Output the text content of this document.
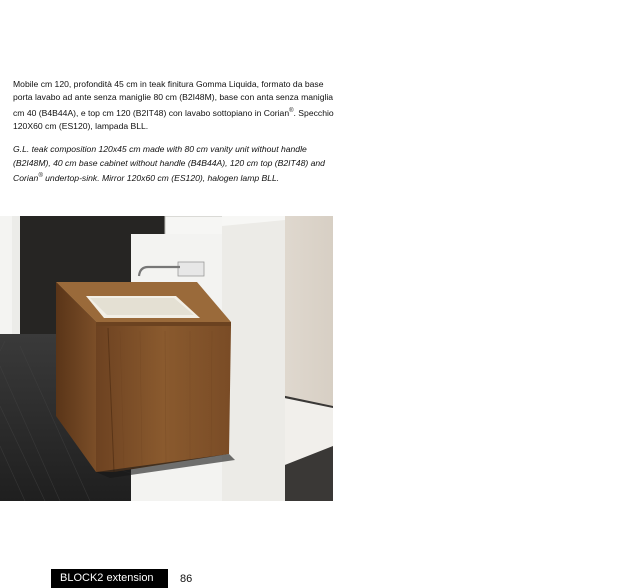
Mobile cm 120, profondità 45 cm in teak finitura Gomma Liquida, formato da base porta lavabo ad ante senza maniglie 80 cm (B2I48M), base con anta senza maniglia cm 40 (B4B44A), e top cm 120 (B2IT48) con lavabo sottopiano in Corian®. Specchio 120X60 cm (ES120), lampada BLL.

G.L. teak composition 120x45 cm made with 80 cm vanity unit without handle (B2I48M), 40 cm base cabinet without handle (B4B44A), 120 cm top (B2IT48) and Corian® undertop-sink. Mirror 120x60 cm (ES120), halogen lamp BLL.

BLOCK2 extension	86
